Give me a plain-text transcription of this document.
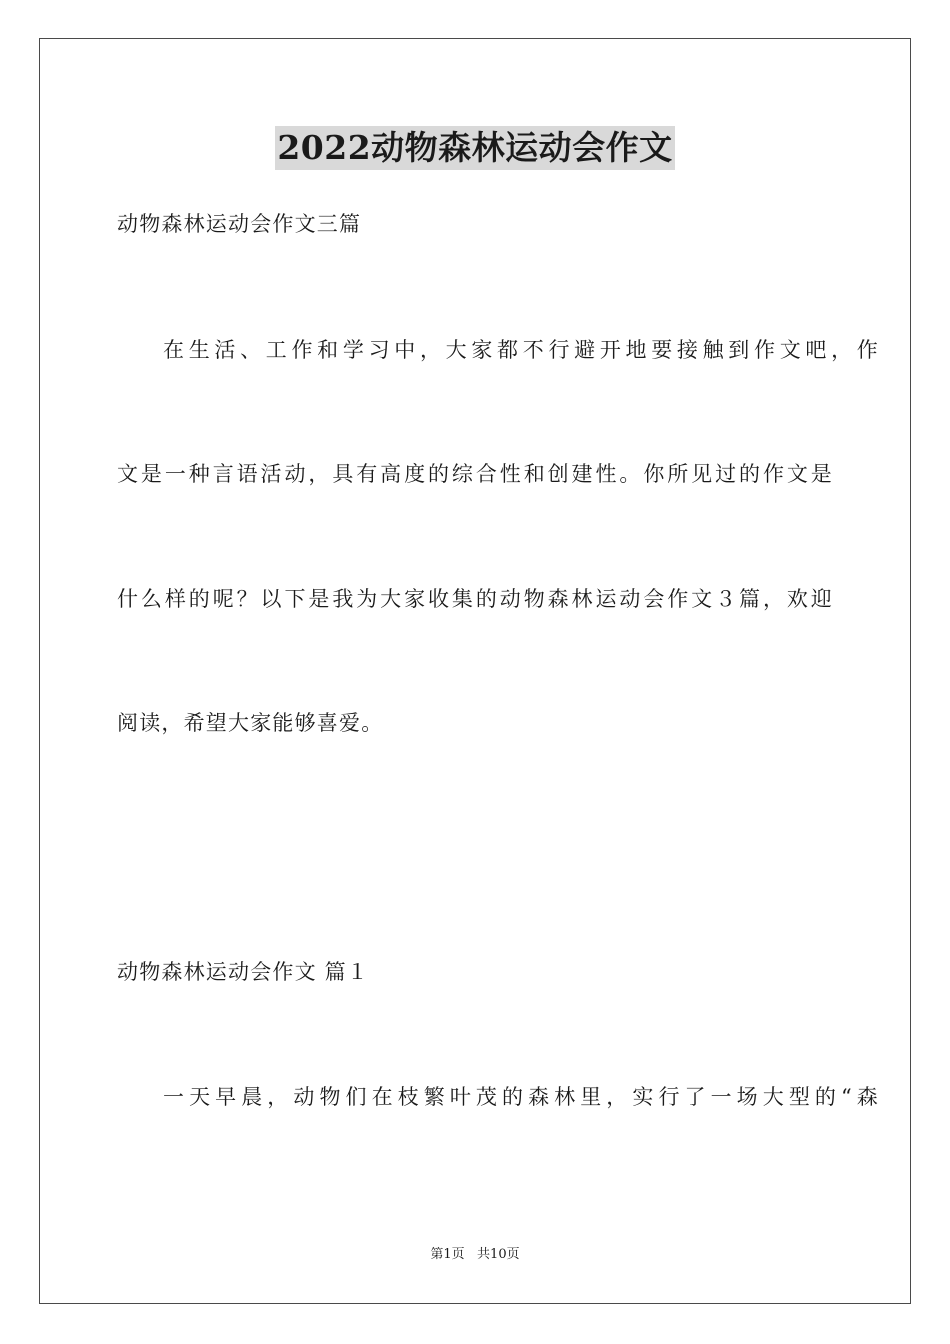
2022动物森林运动会作文
动物森林运动会作文三篇
在生活、工作和学习中，大家都不行避开地要接触到作文吧，作
文是一种言语活动，具有高度的综合性和创建性。你所见过的作文是
什么样的呢？以下是我为大家收集的动物森林运动会作文３篇，欢迎
阅读，希望大家能够喜爱。
动物森林运动会作文 篇１
一天早晨，动物们在枝繁叶茂的森林里，实行了一场大型的“森
第1页   共10页
